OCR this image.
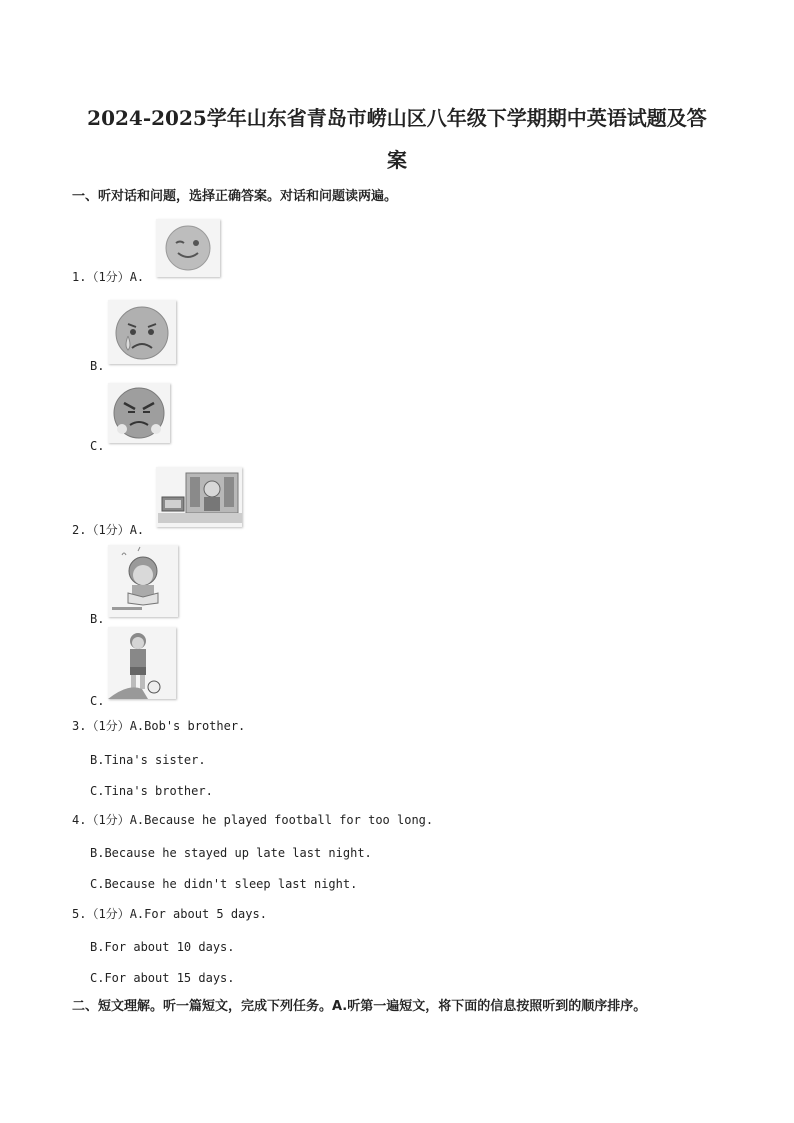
2024-2025学年山东省青岛市崂山区八年级下学期期中英语试题及答
案
一、听对话和问题，选择正确答案。对话和问题读两遍。
1.（1分）A.
B.
C.
2.（1分）A.
B.
C.
3.（1分）A.Bob's brother.
B.Tina's sister.
C.Tina's brother.
4.（1分）A.Because he played football for too long.
B.Because he stayed up late last night.
C.Because he didn't sleep last night.
5.（1分）A.For about 5 days.
B.For about 10 days.
C.For about 15 days.
二、短文理解。听一篇短文，完成下列任务。A.听第一遍短文，将下面的信息按照听到的顺序排序。
